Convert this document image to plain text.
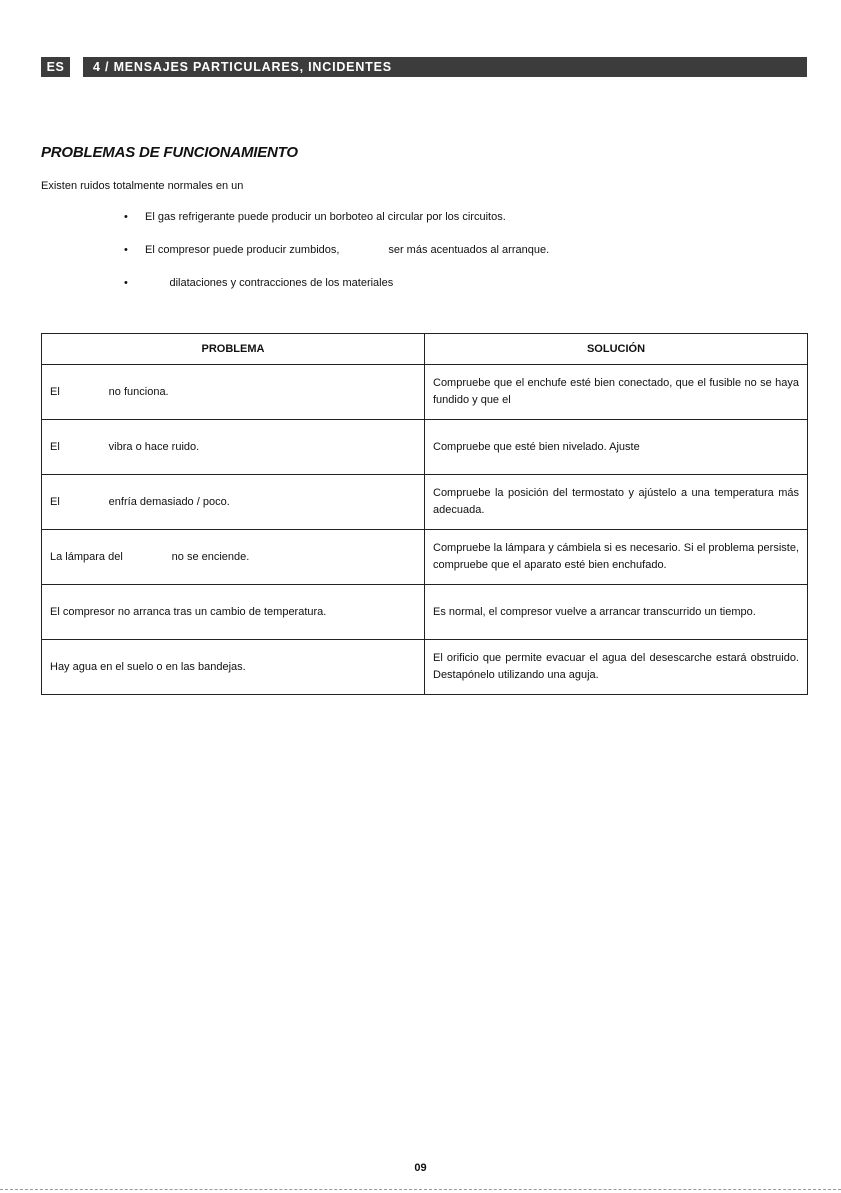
ES	4 / MENSAJES PARTICULARES, INCIDENTES
PROBLEMAS DE FUNCIONAMIENTO
Existen ruidos totalmente normales en un
• El gas refrigerante puede producir un borboteo al circular por los circuitos.
• El compresor puede producir zumbidos,                ser más acentuados al arranque.
• dilataciones y contracciones de los materiales
PROBLEMA	SOLUCIÓN
El                no funciona.	Compruebe que el enchufe esté bien conectado, que el fusible no se haya fundido y que el
El                vibra o hace ruido.	Compruebe que esté bien nivelado. Ajuste
El                enfría demasiado / poco.	Compruebe la posición del termostato y ajústelo a una temperatura más adecuada.
La lámpara del                no se enciende.	Compruebe la lámpara y cámbiela si es necesario. Si el problema persiste, compruebe que el aparato esté bien enchufado.
El compresor no arranca tras un cambio de temperatura.	Es normal, el compresor vuelve a arrancar transcurrido un tiempo.
Hay agua en el suelo o en las bandejas.	El orificio que permite evacuar el agua del desescarche estará obstruido. Destapónelo utilizando una aguja.
09
